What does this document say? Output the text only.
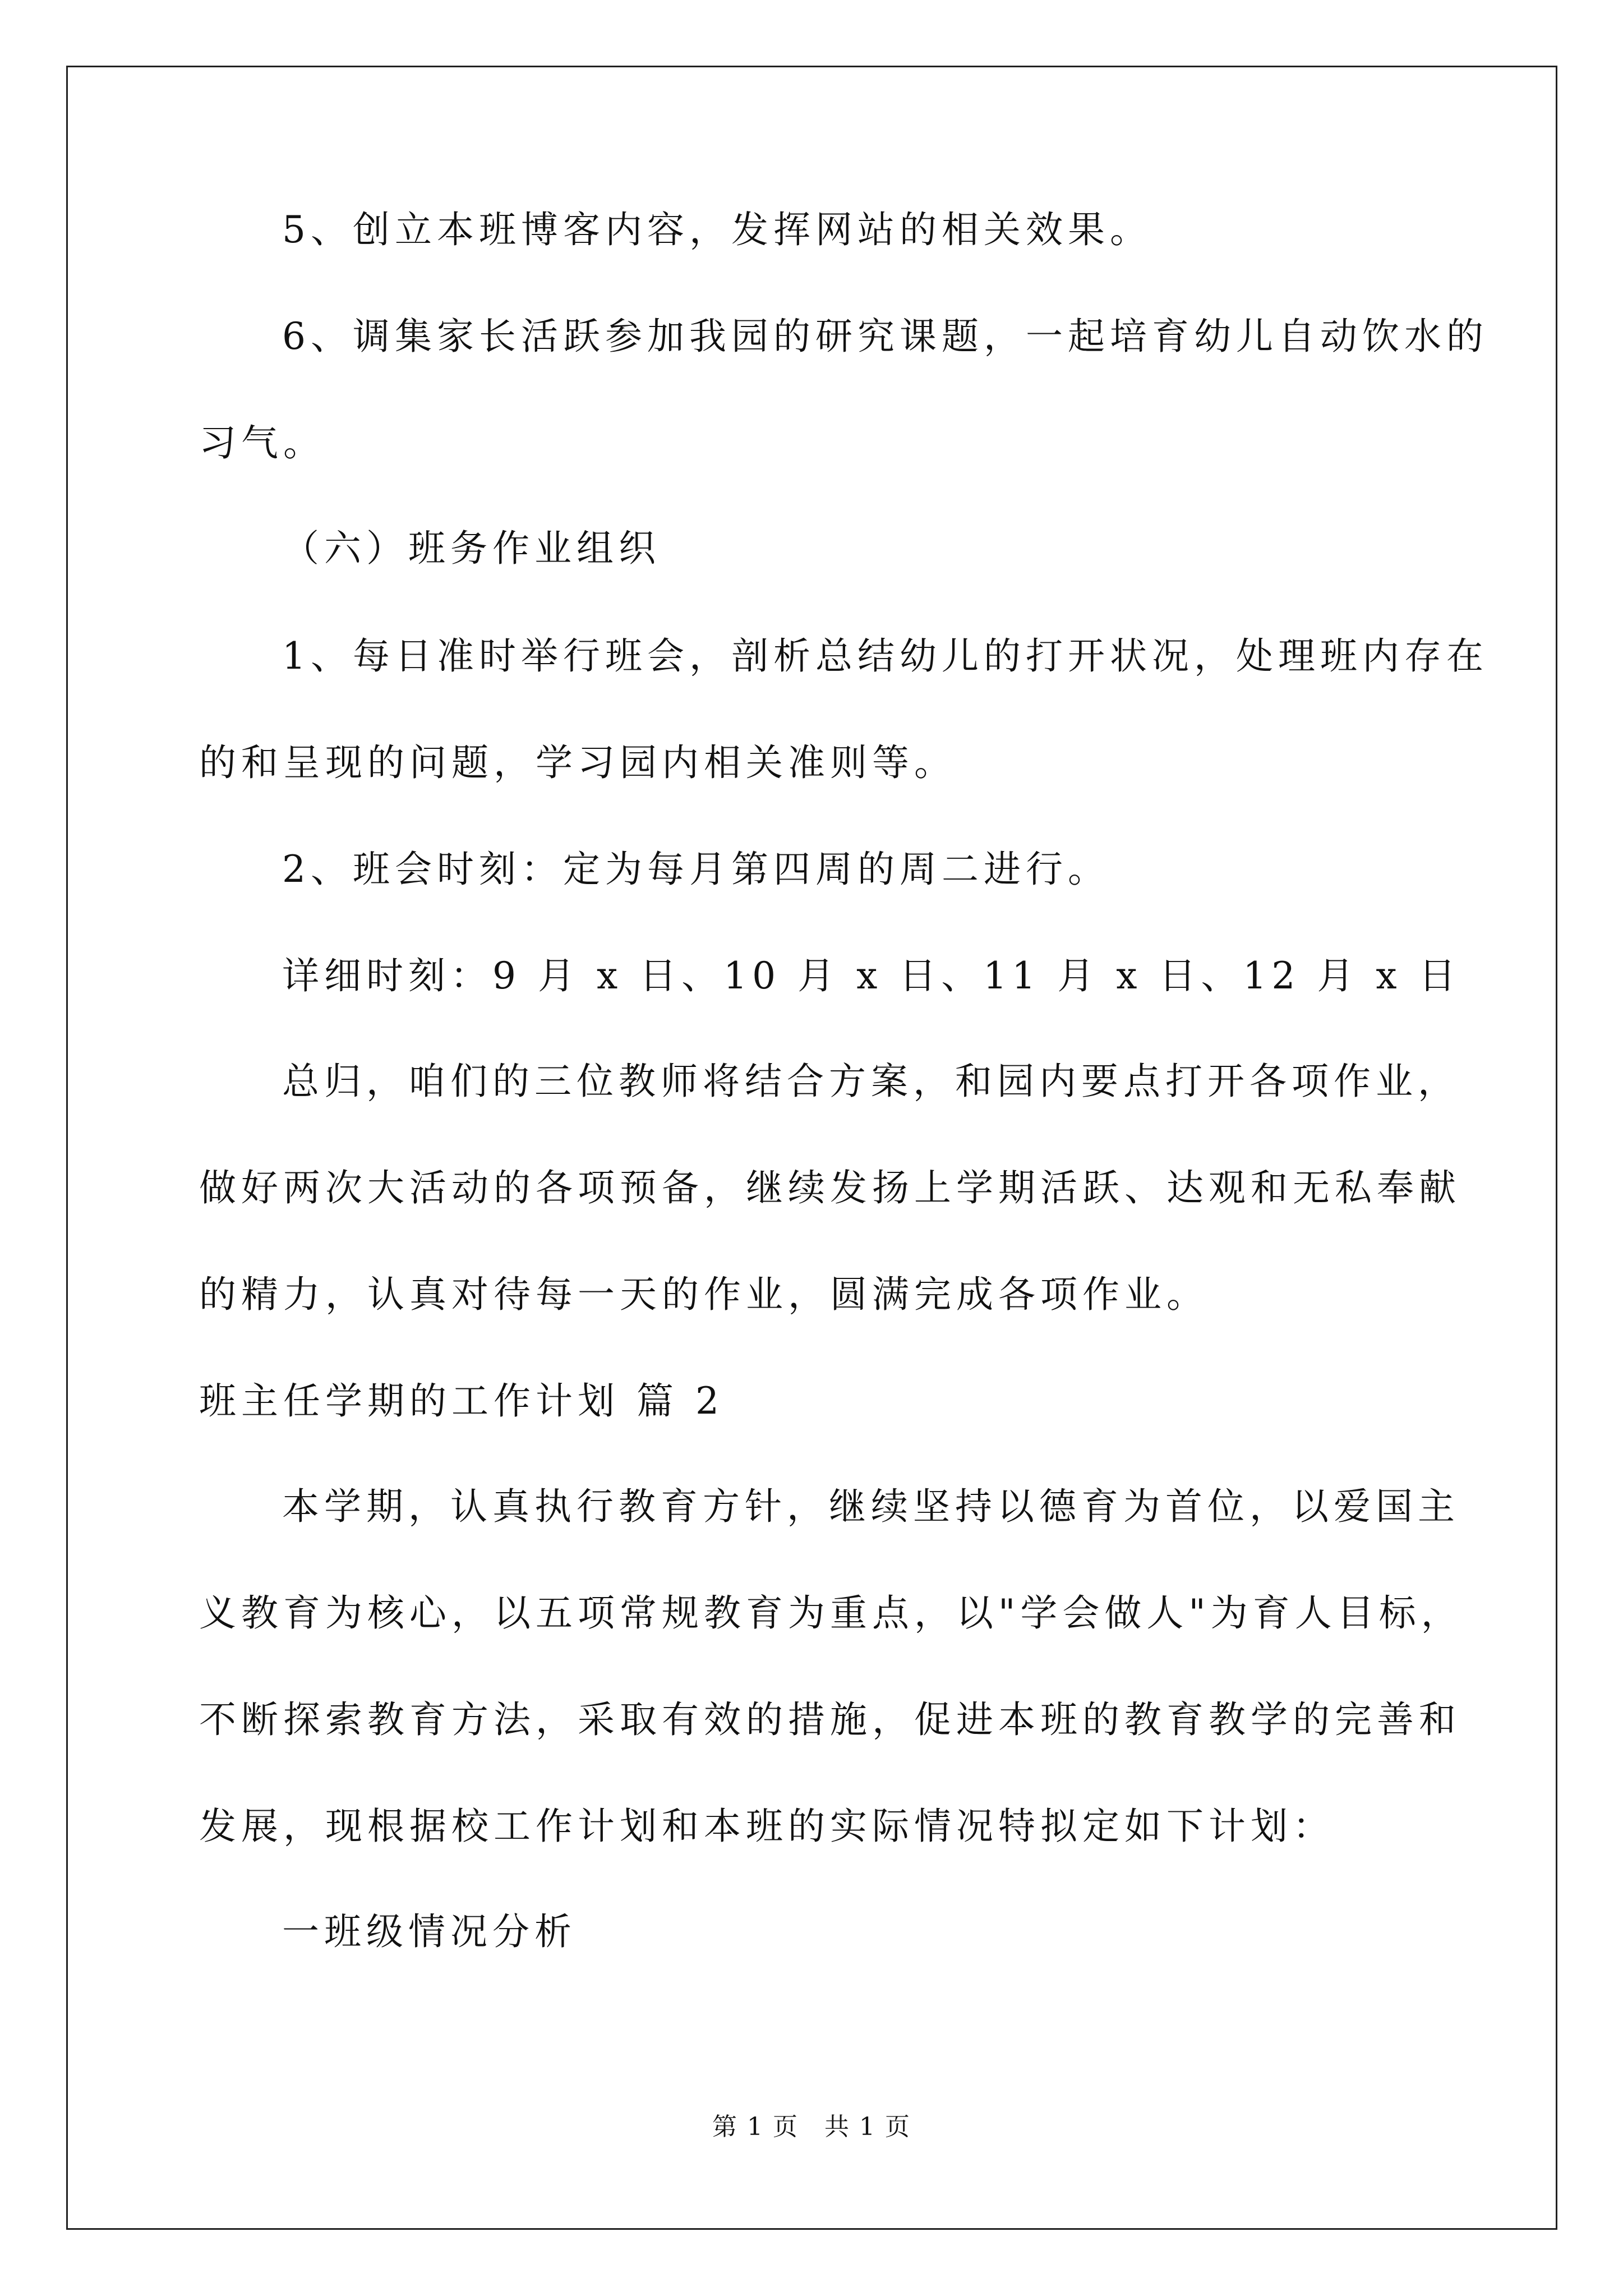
5、创立本班博客内容，发挥网站的相关效果。
6、调集家长活跃参加我园的研究课题，一起培育幼儿自动饮水的
习气。
（六）班务作业组织
1、每日准时举行班会，剖析总结幼儿的打开状况，处理班内存在
的和呈现的问题，学习园内相关准则等。
2、班会时刻：定为每月第四周的周二进行。
详细时刻：9 月 x 日、10 月 x 日、11 月 x 日、12 月 x 日
总归，咱们的三位教师将结合方案，和园内要点打开各项作业，
做好两次大活动的各项预备，继续发扬上学期活跃、达观和无私奉献
的精力，认真对待每一天的作业，圆满完成各项作业。
班主任学期的工作计划 篇 2
本学期，认真执行教育方针，继续坚持以德育为首位，以爱国主
义教育为核心，以五项常规教育为重点，以"学会做人"为育人目标，
不断探索教育方法，采取有效的措施，促进本班的教育教学的完善和
发展，现根据校工作计划和本班的实际情况特拟定如下计划：
一班级情况分析
第 1 页　共 1 页
